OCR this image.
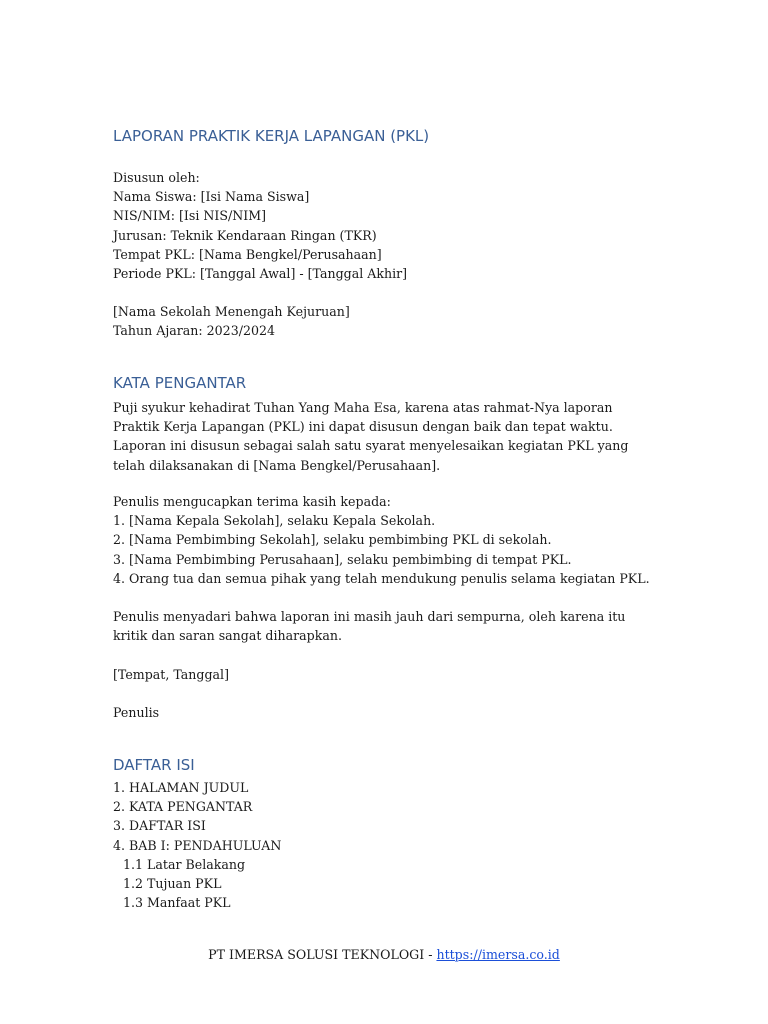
LAPORAN PRAKTIK KERJA LAPANGAN (PKL)
Disusun oleh:
Nama Siswa: [Isi Nama Siswa]
NIS/NIM: [Isi NIS/NIM]
Jurusan: Teknik Kendaraan Ringan (TKR)
Tempat PKL: [Nama Bengkel/Perusahaan]
Periode PKL: [Tanggal Awal] - [Tanggal Akhir]
[Nama Sekolah Menengah Kejuruan]
Tahun Ajaran: 2023/2024
KATA PENGANTAR
Puji syukur kehadirat Tuhan Yang Maha Esa, karena atas rahmat-Nya laporan Praktik Kerja Lapangan (PKL) ini dapat disusun dengan baik dan tepat waktu. Laporan ini disusun sebagai salah satu syarat menyelesaikan kegiatan PKL yang telah dilaksanakan di [Nama Bengkel/Perusahaan].
Penulis mengucapkan terima kasih kepada:
1. [Nama Kepala Sekolah], selaku Kepala Sekolah.
2. [Nama Pembimbing Sekolah], selaku pembimbing PKL di sekolah.
3. [Nama Pembimbing Perusahaan], selaku pembimbing di tempat PKL.
4. Orang tua dan semua pihak yang telah mendukung penulis selama kegiatan PKL.
Penulis menyadari bahwa laporan ini masih jauh dari sempurna, oleh karena itu kritik dan saran sangat diharapkan.
[Tempat, Tanggal]
Penulis
DAFTAR ISI
1. HALAMAN JUDUL
2. KATA PENGANTAR
3. DAFTAR ISI
4. BAB I: PENDAHULUAN
1.1 Latar Belakang
1.2 Tujuan PKL
1.3 Manfaat PKL
PT IMERSA SOLUSI TEKNOLOGI - https://imersa.co.id
